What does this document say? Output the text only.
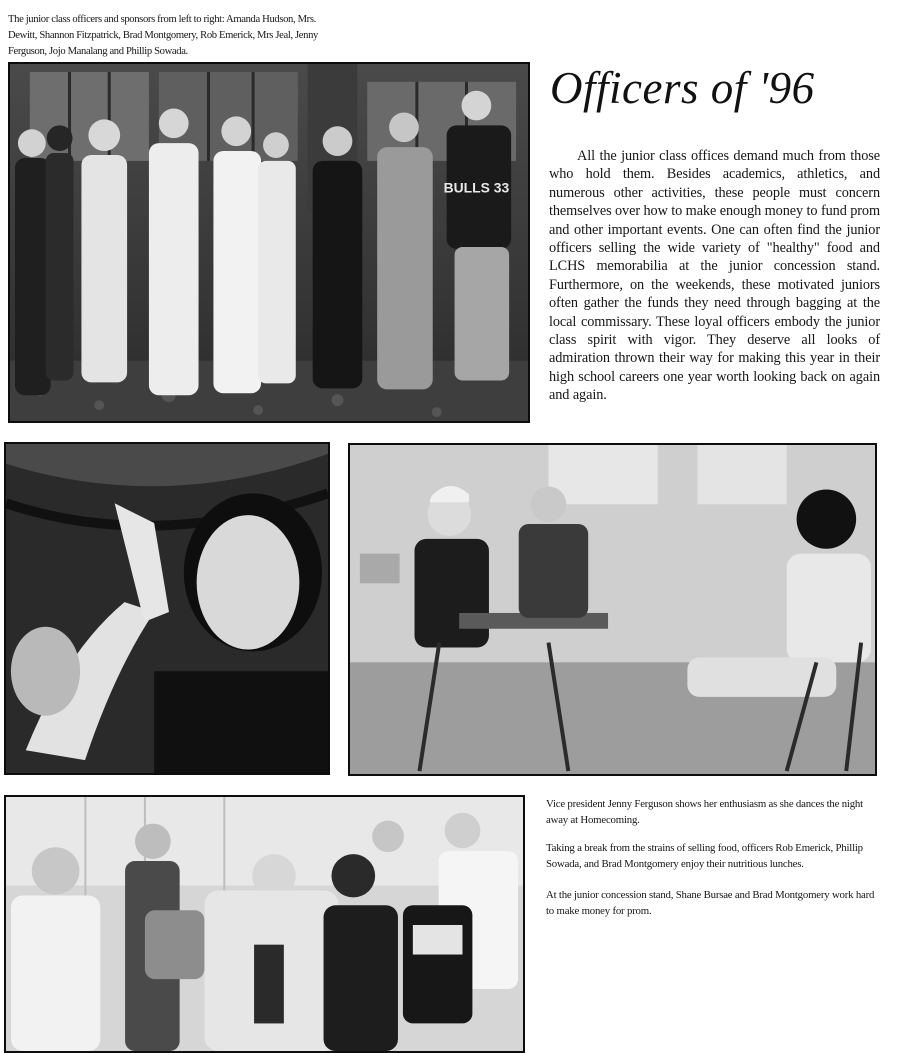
The junior class officers and sponsors from left to right: Amanda Hudson, Mrs. Dewitt, Shannon Fitzpatrick, Brad Montgomery, Rob Emerick, Mrs Jeal, Jenny Ferguson, Jojo Manalang and Phillip Sowada.
BULLS 33
Officers of '96
All the junior class offices demand much from those who hold them. Besides academics, athletics, and numerous other activities, these people must concern themselves over how to make enough money to fund prom and other important events. One can often find the junior officers selling the wide variety of "healthy" food and LCHS memorabilia at the junior concession stand. Furthermore, on the weekends, these motivated juniors often gather the funds they need through bagging at the local commissary. These loyal officers embody the junior class spirit with vigor. They deserve all looks of admiration thrown their way for making this year in their high school careers one year worth looking back on again and again.
Vice president Jenny Ferguson shows her enthusiasm as she dances the night away at Homecoming.
Taking a break from the strains of selling food, officers Rob Emerick, Phillip Sowada, and Brad Montgomery enjoy their nutritious lunches.
At the junior concession stand, Shane Bursae and Brad Montgomery work hard to make money for prom.
